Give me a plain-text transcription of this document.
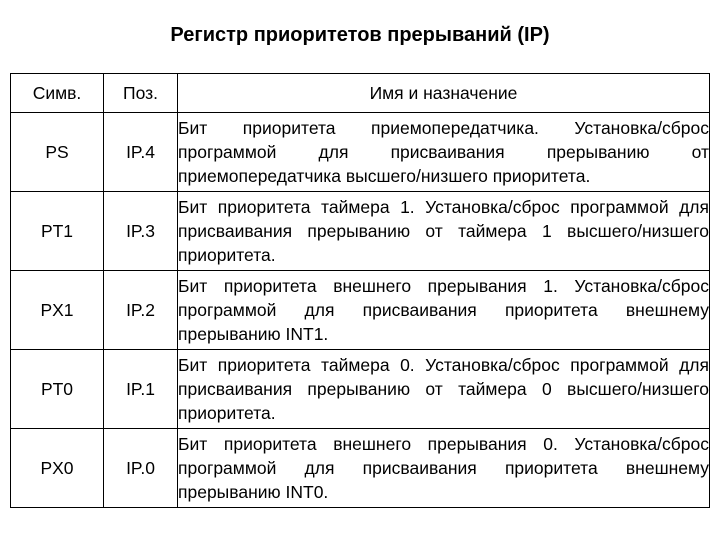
Регистр приоритетов прерываний (IP)
Симв.	Поз.	Имя и назначение
PS	IP.4	Бит приоритета приемопередатчика. Установка/сброс программой для присваивания прерыванию от приемопередатчика высшего/низшего приоритета.
PT1	IP.3	Бит приоритета таймера 1. Установка/сброс программой для присваивания прерыванию от таймера 1 высшего/низшего приоритета.
PX1	IP.2	Бит приоритета внешнего прерывания 1. Установка/сброс программой для присваивания приоритета внешнему прерыванию INT1.
PT0	IP.1	Бит приоритета таймера 0. Установка/сброс программой для присваивания прерыванию от таймера 0 высшего/низшего приоритета.
PX0	IP.0	Бит приоритета внешнего прерывания 0. Установка/сброс программой для присваивания приоритета внешнему прерыванию INT0.
